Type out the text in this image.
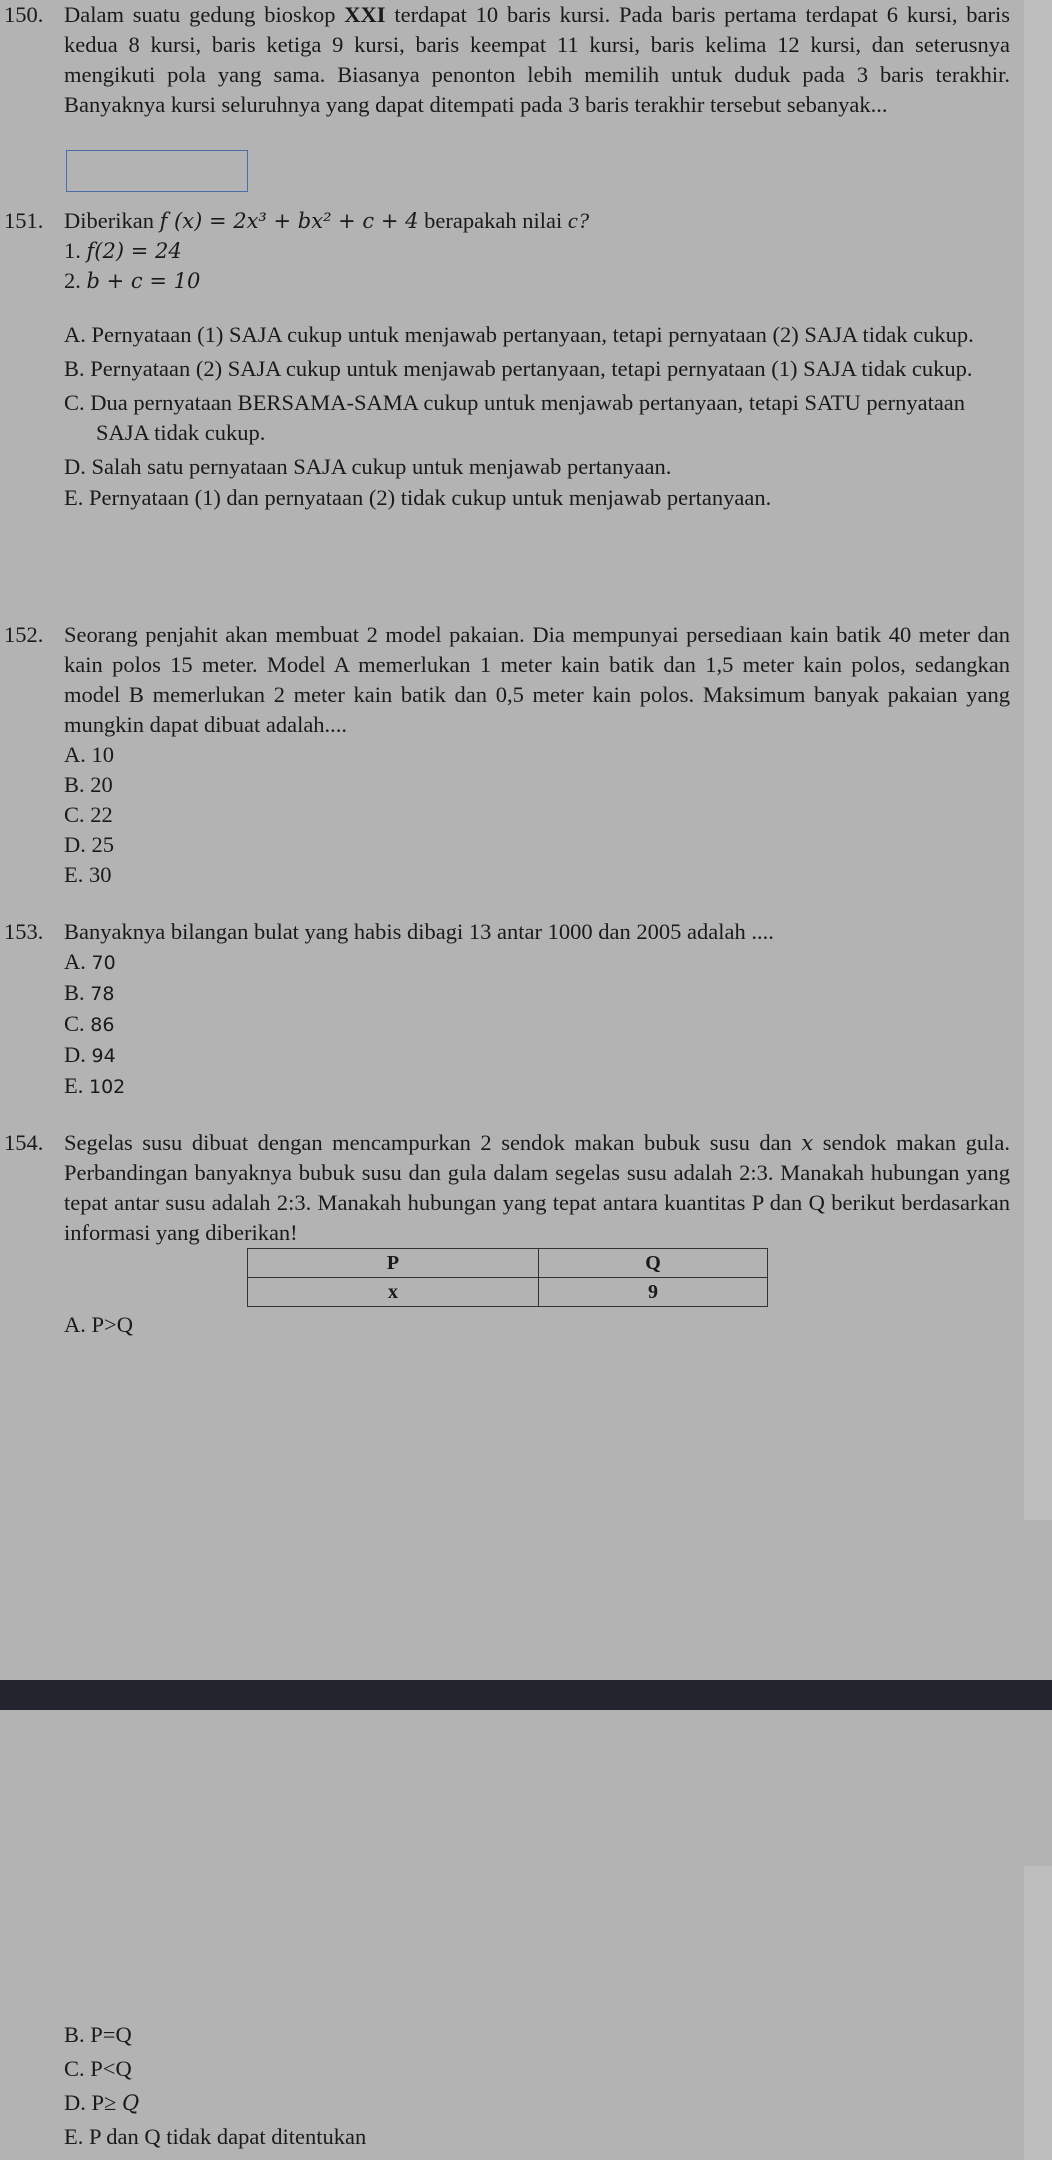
150. Dalam suatu gedung bioskop XXI terdapat 10 baris kursi. Pada baris pertama terdapat 6 kursi, baris kedua 8 kursi, baris ketiga 9 kursi, baris keempat 11 kursi, baris kelima 12 kursi, dan seterusnya mengikuti pola yang sama. Biasanya penonton lebih memilih untuk duduk pada 3 baris terakhir. Banyaknya kursi seluruhnya yang dapat ditempati pada 3 baris terakhir tersebut sebanyak...
151. Diberikan f (x) = 2x³ + bx² + c + 4 berapakah nilai c?
1. f(2) = 24
2. b + c = 10
A. Pernyataan (1) SAJA cukup untuk menjawab pertanyaan, tetapi pernyataan (2) SAJA tidak cukup.
B. Pernyataan (2) SAJA cukup untuk menjawab pertanyaan, tetapi pernyataan (1) SAJA tidak cukup.
C. Dua pernyataan BERSAMA-SAMA cukup untuk menjawab pertanyaan, tetapi SATU pernyataan SAJA tidak cukup.
D. Salah satu pernyataan SAJA cukup untuk menjawab pertanyaan.
E. Pernyataan (1) dan pernyataan (2) tidak cukup untuk menjawab pertanyaan.
152. Seorang penjahit akan membuat 2 model pakaian. Dia mempunyai persediaan kain batik 40 meter dan kain polos 15 meter. Model A memerlukan 1 meter kain batik dan 1,5 meter kain polos, sedangkan model B memerlukan 2 meter kain batik dan 0,5 meter kain polos. Maksimum banyak pakaian yang mungkin dapat dibuat adalah....
A. 10
B. 20
C. 22
D. 25
E. 30
153. Banyaknya bilangan bulat yang habis dibagi 13 antar 1000 dan 2005 adalah ....
A. 70
B. 78
C. 86
D. 94
E. 102
154. Segelas susu dibuat dengan mencampurkan 2 sendok makan bubuk susu dan x sendok makan gula. Perbandingan banyaknya bubuk susu dan gula dalam segelas susu adalah 2:3. Manakah hubungan yang tepat antar susu adalah 2:3. Manakah hubungan yang tepat antara kuantitas P dan Q berikut berdasarkan informasi yang diberikan!
P	Q
x	9
A. P>Q
B. P=Q
C. P<Q
D. P≥ Q
E. P dan Q tidak dapat ditentukan
